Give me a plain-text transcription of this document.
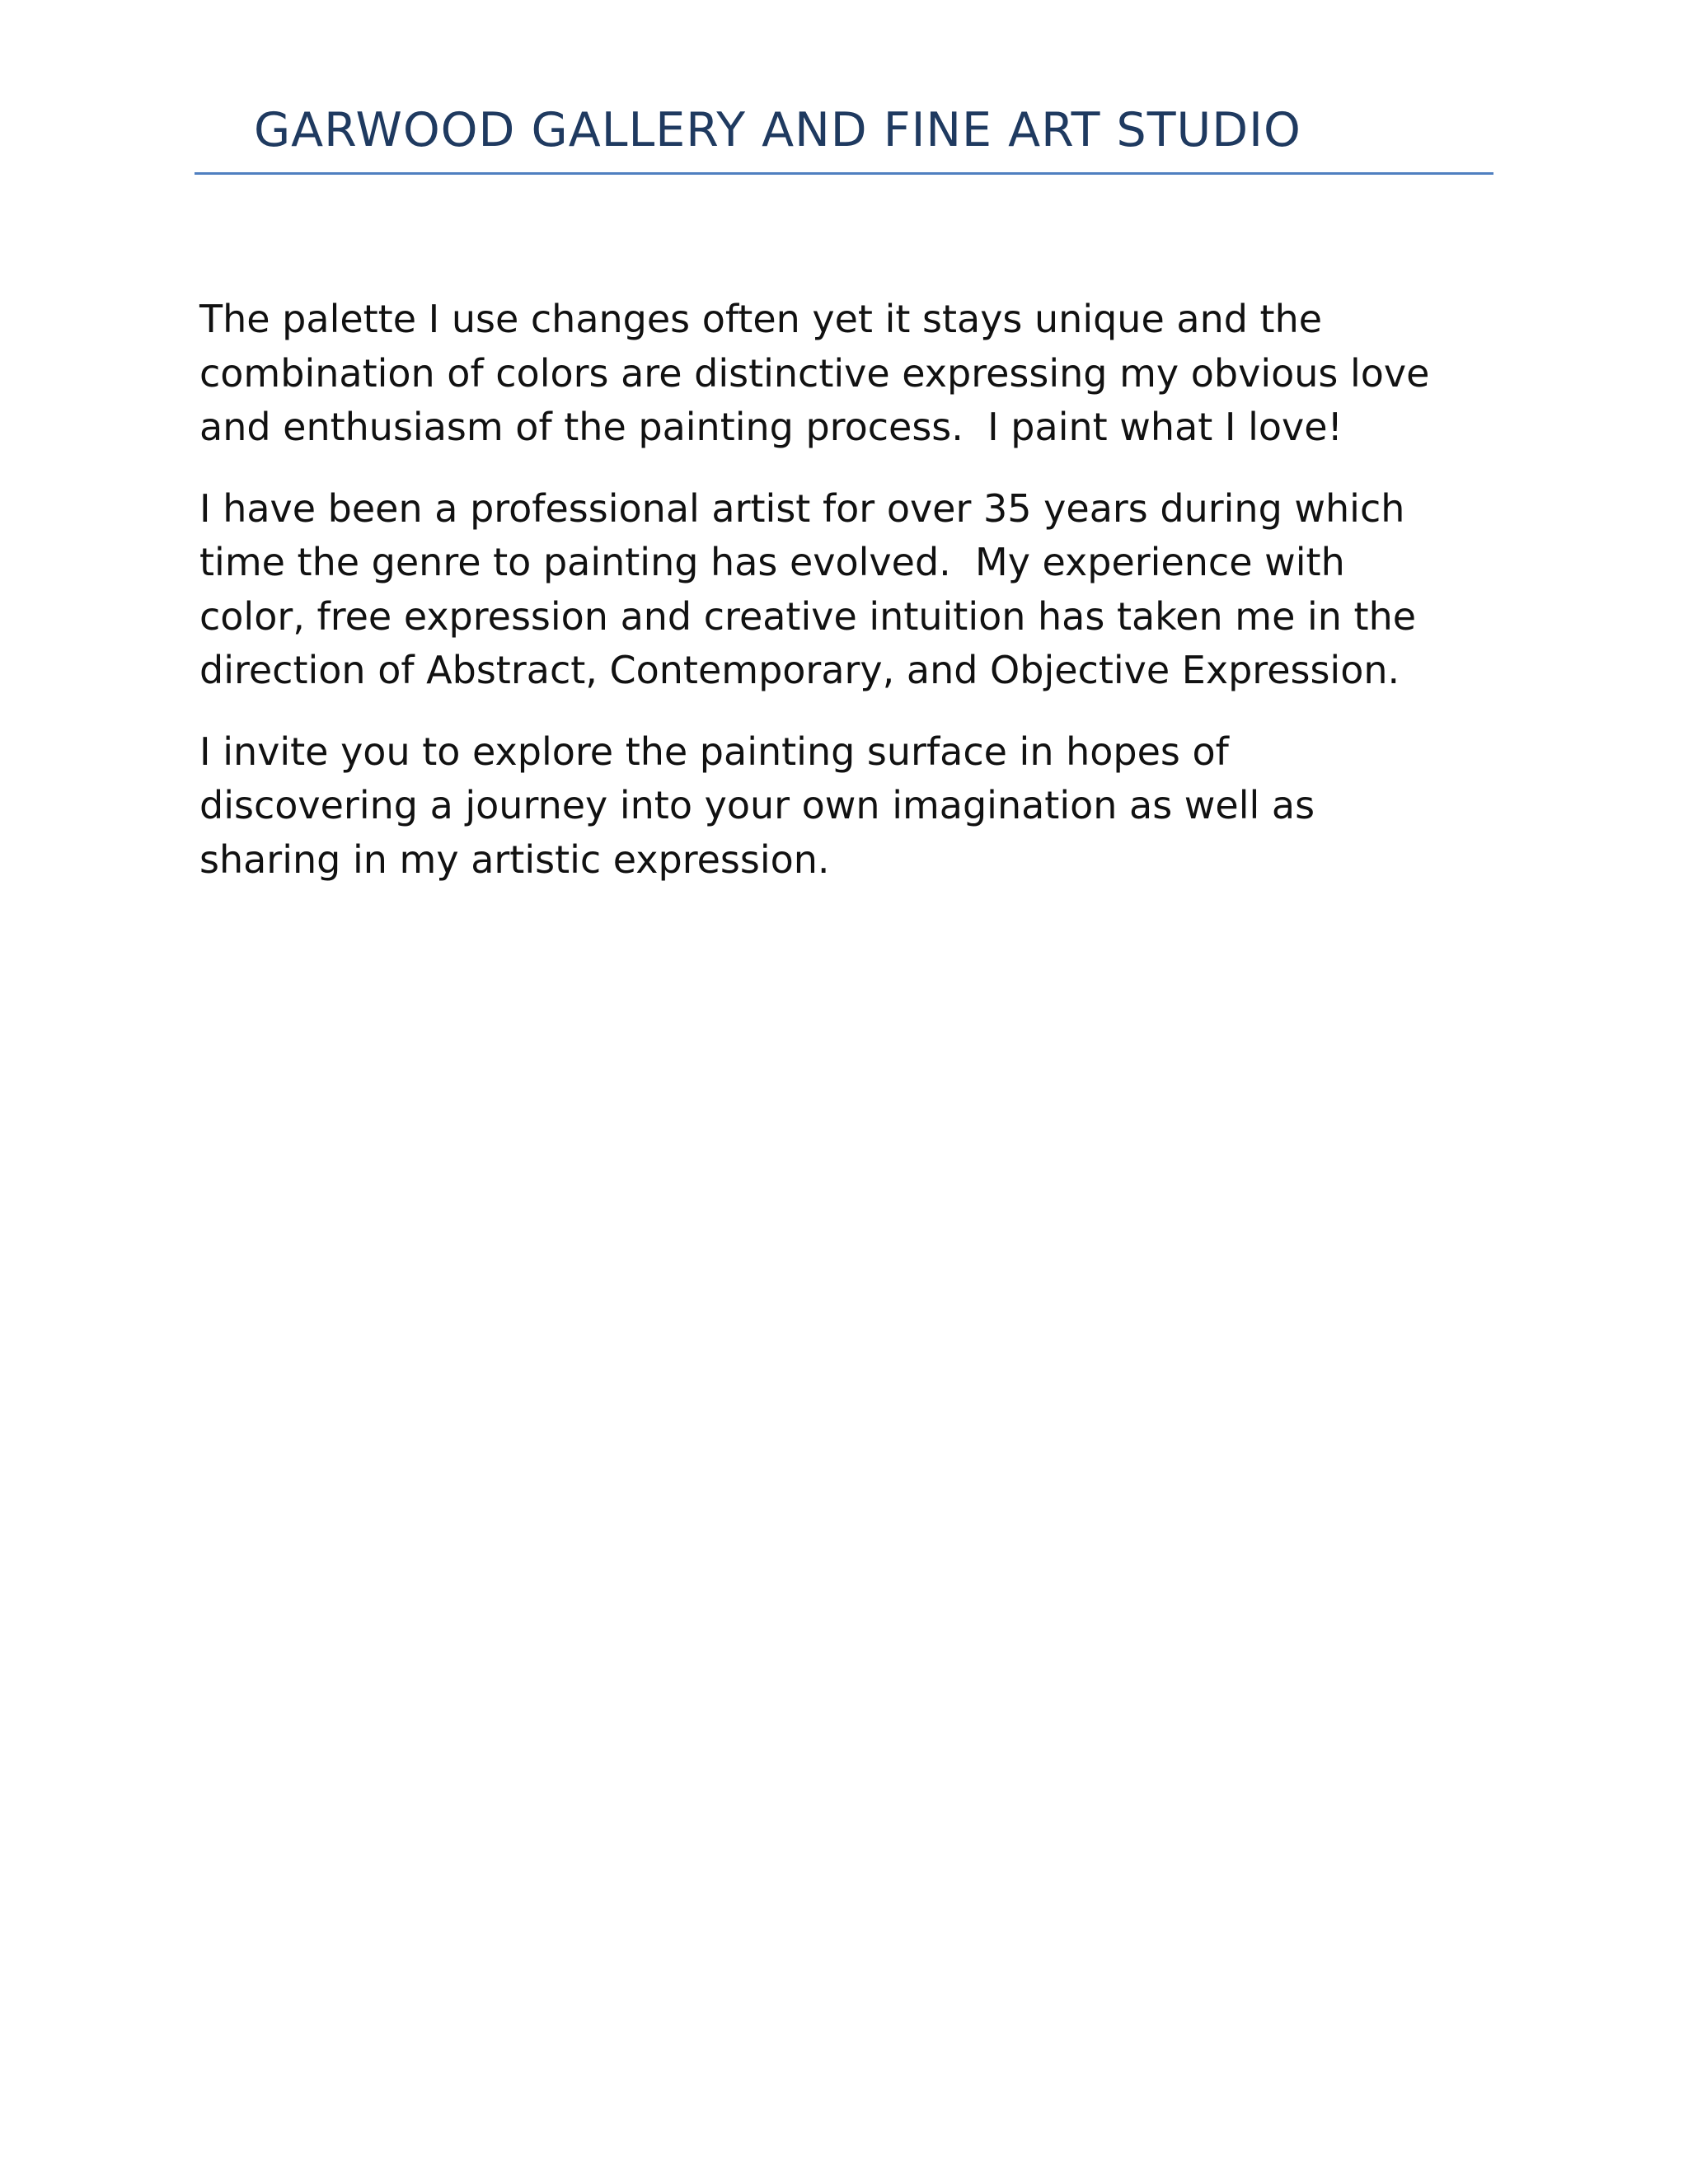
GARWOOD GALLERY AND FINE ART STUDIO

The palette I use changes often yet it stays unique and the
combination of colors are distinctive expressing my obvious love
and enthusiasm of the painting process.  I paint what I love!

I have been a professional artist for over 35 years during which
time the genre to painting has evolved.  My experience with
color, free expression and creative intuition has taken me in the
direction of Abstract, Contemporary, and Objective Expression.

I invite you to explore the painting surface in hopes of
discovering a journey into your own imagination as well as
sharing in my artistic expression.
